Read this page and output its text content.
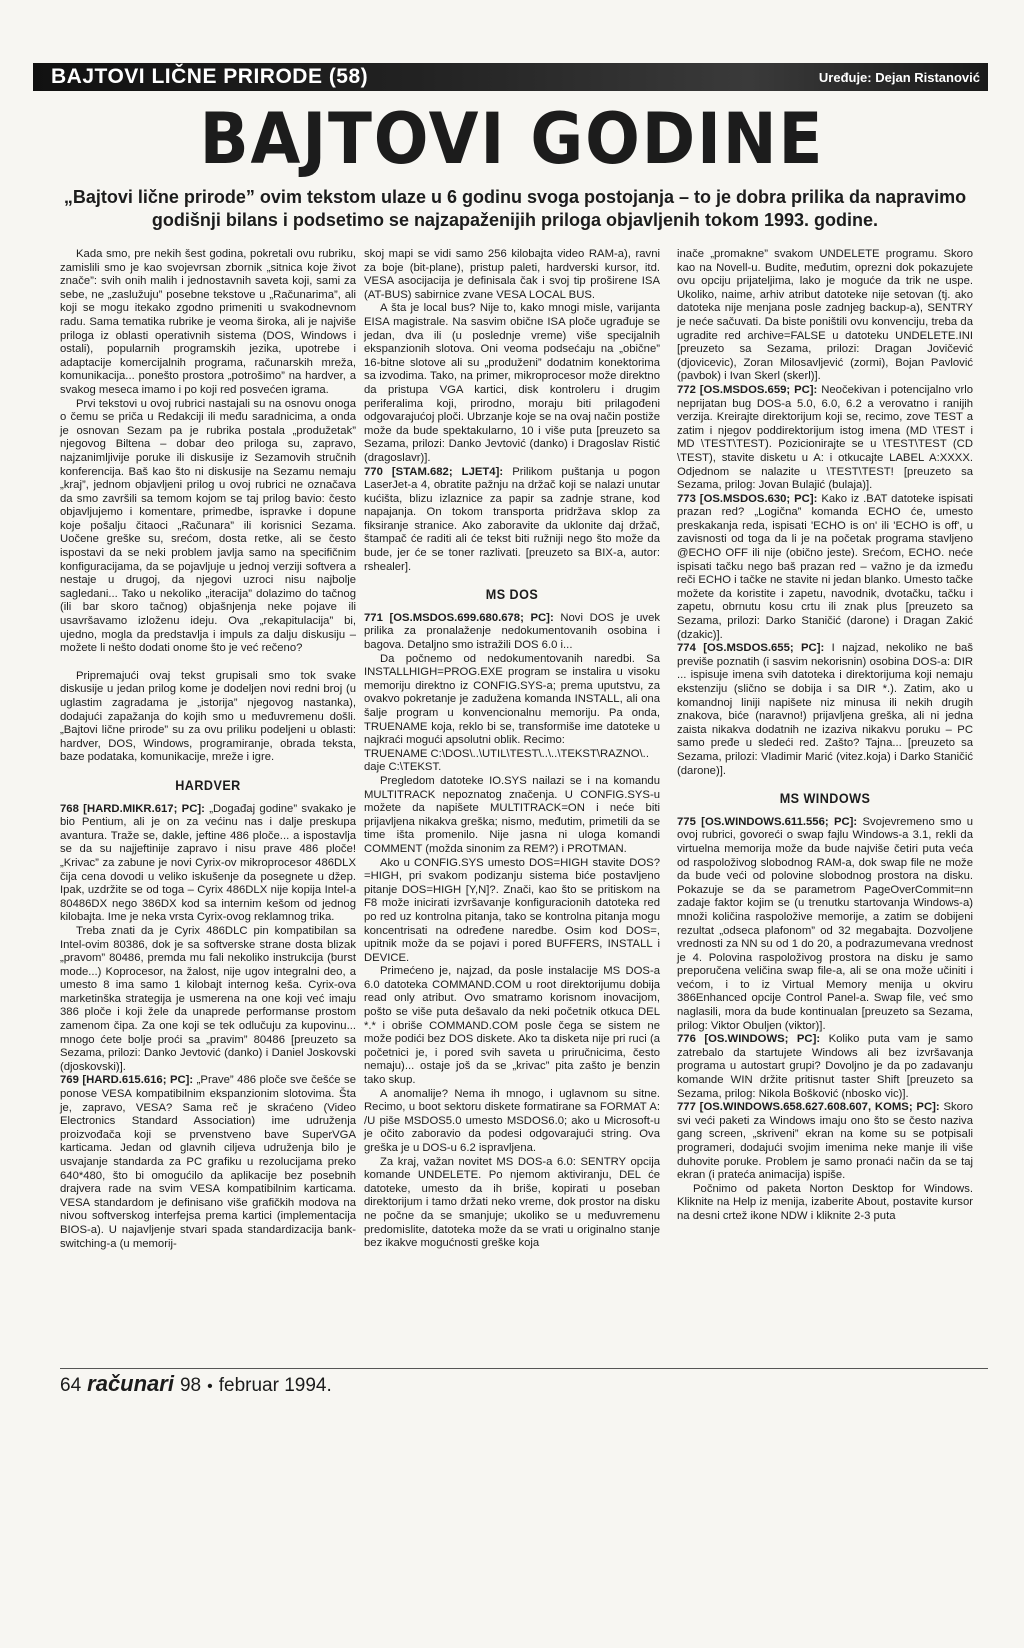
BAJTOVI LIČNE PRIRODE (58)	Uređuje: Dejan Ristanović
BAJTOVI GODINE
„Bajtovi lične prirode” ovim tekstom ulaze u 6 godinu svoga postojanja – to je dobra prilika da napravimo godišnji bilans i podsetimo se najzapaženijih priloga objavljenih tokom 1993. godine.

Kada smo, pre nekih šest godina, pokretali ovu rubriku, zamislili smo je kao svojevrsan zbornik „sitnica koje život znače”: svih onih malih i jednostavnih saveta koji, sami za sebe, ne „zaslužuju” posebne tekstove u „Računarima”, ali koji se mogu itekako zgodno primeniti u svakodnevnom radu. Sama tematika rubrike je veoma široka, ali je najviše priloga iz oblasti operativnih sistema (DOS, Windows i ostali), popularnih programskih jezika, upotrebe i adaptacije komercijalnih programa, računarskih mreža, komunikacija... ponešto prostora „potrošimo” na hardver, a svakog meseca imamo i po koji red posvećen igrama.

Prvi tekstovi u ovoj rubrici nastajali su na osnovu onoga o čemu se priča u Redakciji ili među saradnicima, a onda je osnovan Sezam pa je rubrika postala „produžetak” njegovog Biltena – dobar deo priloga su, zapravo, najzanimljivije poruke ili diskusije iz Sezamovih stručnih konferencija. Baš kao što ni diskusije na Sezamu nemaju „kraj”, jednom objavljeni prilog u ovoj rubrici ne označava da smo završili sa temom kojom se taj prilog bavio: često objavljujemo i komentare, primedbe, ispravke i dopune koje pošalju čitaoci „Računara” ili korisnici Sezama. Uočene greške su, srećom, dosta retke, ali se često ispostavi da se neki problem javlja samo na specifičnim konfiguracijama, da se pojavljuje u jednoj verziji softvera a nestaje u drugoj, da njegovi uzroci nisu najbolje sagledani... Tako u nekoliko „iteracija” dolazimo do tačnog (ili bar skoro tačnog) objašnjenja neke pojave ili usavršavamo izloženu ideju. Ova „rekapitulacija” bi, ujedno, mogla da predstavlja i impuls za dalju diskusiju – možete li nešto dodati onome što je već rečeno?

Pripremajući ovaj tekst grupisali smo tok svake diskusije u jedan prilog kome je dodeljen novi redni broj (u uglastim zagradama je „istorija” njegovog nastanka), dodajući zapažanja do kojih smo u međuvremenu došli. „Bajtovi lične prirode” su za ovu priliku podeljeni u oblasti: hardver, DOS, Windows, programiranje, obrada teksta, baze podataka, komunikacije, mreže i igre.

HARDVER

768 [HARD.MIKR.617; PC]: „Događaj godine” svakako je bio Pentium, ali je on za većinu nas i dalje preskupa avantura. Traže se, dakle, jeftine 486 ploče... a ispostavlja se da su najjeftinije zapravo i nisu prave 486 ploče! „Krivac” za zabune je novi Cyrix-ov mikroprocesor 486DLX čija cena dovodi u veliko iskušenje da posegnete u džep. Ipak, uzdržite se od toga – Cyrix 486DLX nije kopija Intel-a 80486DX nego 386DX kod sa internim kešom od jednog kilobajta. Ime je neka vrsta Cyrix-ovog reklamnog trika.

Treba znati da je Cyrix 486DLC pin kompatibilan sa Intel-ovim 80386, dok je sa softverske strane dosta blizak „pravom” 80486, premda mu fali nekoliko instrukcija (burst mode...) Koprocesor, na žalost, nije ugov integralni deo, a umesto 8 ima samo 1 kilobajt internog keša. Cyrix-ova marketinška strategija je usmerena na one koji već imaju 386 ploče i koji žele da unaprede performanse prostom zamenom čipa. Za one koji se tek odlučuju za kupovinu... mnogo ćete bolje proći sa „pravim” 80486 [preuzeto sa Sezama, prilozi: Danko Jevtović (danko) i Daniel Joskovski (djoskovski)].

769 [HARD.615.616; PC]: „Prave” 486 ploče sve češće se ponose VESA kompatibilnim ekspanzionim slotovima. Šta je, zapravo, VESA? Sama reč je skraćeno (Video Electronics Standard Association) ime udruženja proizvođača koji se prvenstveno bave SuperVGA karticama. Jedan od glavnih ciljeva udruženja bilo je usvajanje standarda za PC grafiku u rezolucijama preko 640*480, što bi omogućilo da aplikacije bez posebnih drajvera rade na svim VESA kompatibilnim karticama. VESA standardom je definisano više grafičkih modova na nivou softverskog interfejsa prema kartici (implementacija BIOS-a). U najavljenje stvari spada standardizacija bank-switching-a (u memorij-

skoj mapi se vidi samo 256 kilobajta video RAM-a), ravni za boje (bit-plane), pristup paleti, hardverski kursor, itd. VESA asocijacija je definisala čak i svoj tip proširene ISA (AT-BUS) sabirnice zvane VESA LOCAL BUS.

A šta je local bus? Nije to, kako mnogi misle, varijanta EISA magistrale. Na sasvim obične ISA ploče ugrađuje se jedan, dva ili (u poslednje vreme) više specijalnih ekspanzionih slotova. Oni veoma podsećaju na „obične” 16-bitne slotove ali su „produženi” dodatnim konektorima sa izvodima. Tako, na primer, mikroprocesor može direktno da pristupa VGA kartici, disk kontroleru i drugim periferalima koji, prirodno, moraju biti prilagođeni odgovarajućoj ploči. Ubrzanje koje se na ovaj način postiže može da bude spektakularno, 10 i više puta [preuzeto sa Sezama, prilozi: Danko Jevtović (danko) i Dragoslav Ristić (dragoslavr)].

770 [STAM.682; LJET4]: Prilikom puštanja u pogon LaserJet-a 4, obratite pažnju na držač koji se nalazi unutar kućišta, blizu izlaznice za papir sa zadnje strane, kod napajanja. On tokom transporta pridržava sklop za fiksiranje stranice. Ako zaboravite da uklonite daj držač, štampač će raditi ali će tekst biti ružniji nego što može da bude, jer će se toner razlivati. [preuzeto sa BIX-a, autor: rshealer].

MS DOS

771 [OS.MSDOS.699.680.678; PC]: Novi DOS je uvek prilika za pronalaženje nedokumentovanih osobina i bagova. Detaljno smo istražili DOS 6.0 i...

Da počnemo od nedokumentovanih naredbi. Sa INSTALLHIGH=PROG.EXE program se instalira u visoku memoriju direktno iz CONFIG.SYS-a; prema uputstvu, za ovakvo pokretanje je zadužena komanda INSTALL, ali ona šalje program u konvencionalnu memoriju. Pa onda, TRUENAME koja, reklo bi se, transformiše ime datoteke u najkraći mogući apsolutni oblik. Recimo:

TRUENAME C:\DOS\..\UTIL\TEST\..\..\TEKST\RAZNO\..

daje C:\TEKST.

Pregledom datoteke IO.SYS nailazi se i na komandu MULTITRACK nepoznatog značenja. U CONFIG.SYS-u možete da napišete MULTITRACK=ON i neće biti prijavljena nikakva greška; nismo, međutim, primetili da se time išta promenilo. Nije jasna ni uloga komandi COMMENT (možda sinonim za REM?) i PROTMAN.

Ako u CONFIG.SYS umesto DOS=HIGH stavite DOS?=HIGH, pri svakom podizanju sistema biće postavljeno pitanje DOS=HIGH [Y,N]?. Znači, kao što se pritiskom na F8 može inicirati izvršavanje konfiguracionih datoteka red po red uz kontrolna pitanja, tako se kontrolna pitanja mogu koncentrisati na određene naredbe. Osim kod DOS=, upitnik može da se pojavi i pored BUFFERS, INSTALL i DEVICE.

Primećeno je, najzad, da posle instalacije MS DOS-a 6.0 datoteka COMMAND.COM u root direktorijumu dobija read only atribut. Ovo smatramo korisnom inovacijom, pošto se više puta dešavalo da neki početnik otkuca DEL *.* i obriše COMMAND.COM posle čega se sistem ne može podići bez DOS diskete. Ako ta disketa nije pri ruci (a početnici je, i pored svih saveta u priručnicima, često nemaju)... ostaje još da se „krivac” pita zašto je benzin tako skup.

A anomalije? Nema ih mnogo, i uglavnom su sitne. Recimo, u boot sektoru diskete formatirane sa FORMAT A: /U piše MSDOS5.0 umesto MSDOS6.0; ako u Microsoft-u je očito zaboravio da podesi odgovarajući string. Ova greška je u DOS-u 6.2 ispravljena.

Za kraj, važan novitet MS DOS-a 6.0: SENTRY opcija komande UNDELETE. Po njemom aktiviranju, DEL će datoteke, umesto da ih briše, kopirati u poseban direktorijum i tamo držati neko vreme, dok prostor na disku ne počne da se smanjuje; ukoliko se u međuvremenu predomislite, datoteka može da se vrati u originalno stanje bez ikakve mogućnosti greške koja

inače „promakne” svakom UNDELETE programu. Skoro kao na Novell-u. Budite, međutim, oprezni dok pokazujete ovu opciju prijateljima, lako je moguće da trik ne uspe. Ukoliko, naime, arhiv atribut datoteke nije setovan (tj. ako datoteka nije menjana posle zadnjeg backup-a), SENTRY je neće sačuvati. Da biste poništili ovu konvenciju, treba da ugradite red archive=FALSE u datoteku UNDELETE.INI [preuzeto sa Sezama, prilozi: Dragan Jovičević (djovicevic), Zoran Milosavljević (zormi), Bojan Pavlović (pavbok) i Ivan Skerl (skerl)].

772 [OS.MSDOS.659; PC]: Neočekivan i potencijalno vrlo neprijatan bug DOS-a 5.0, 6.0, 6.2 a verovatno i ranijih verzija. Kreirajte direktorijum koji se, recimo, zove TEST a zatim i njegov poddirektorijum istog imena (MD \TEST i MD \TEST\TEST). Pozicionirajte se u \TEST\TEST (CD \TEST), stavite disketu u A: i otkucajte LABEL A:XXXX. Odjednom se nalazite u \TEST\TEST! [preuzeto sa Sezama, prilog: Jovan Bulajić (bulaja)].

773 [OS.MSDOS.630; PC]: Kako iz .BAT datoteke ispisati prazan red? „Logična” komanda ECHO će, umesto preskakanja reda, ispisati 'ECHO is on' ili 'ECHO is off', u zavisnosti od toga da li je na početak programa stavljeno @ECHO OFF ili nije (obično jeste). Srećom, ECHO. neće ispisati tačku nego baš prazan red – važno je da između reči ECHO i tačke ne stavite ni jedan blanko. Umesto tačke možete da koristite i zapetu, navodnik, dvotačku, tačku i zapetu, obrnutu kosu crtu ili znak plus [preuzeto sa Sezama, prilozi: Darko Staničić (darone) i Dragan Zakić (dzakic)].

774 [OS.MSDOS.655; PC]: I najzad, nekoliko ne baš previše poznatih (i sasvim nekorisnin) osobina DOS-a: DIR ... ispisuje imena svih datoteka i direktorijuma koji nemaju ekstenziju (slično se dobija i sa DIR *.). Zatim, ako u komandnoj liniji napišete niz minusa ili nekih drugih znakova, biće (naravno!) prijavljena greška, ali ni jedna zaista nikakva dodatnih ne izaziva nikakvu poruku – PC samo pređe u sledeći red. Zašto? Tajna... [preuzeto sa Sezama, prilozi: Vladimir Marić (vitez.koja) i Darko Staničić (darone)].

MS WINDOWS

775 [OS.WINDOWS.611.556; PC]: Svojevremeno smo u ovoj rubrici, govoreći o swap fajlu Windows-a 3.1, rekli da virtuelna memorija može da bude najviše četiri puta veća od raspoloživog slobodnog RAM-a, dok swap file ne može da bude veći od polovine slobodnog prostora na disku. Pokazuje se da se parametrom PageOverCommit=nn zadaje faktor kojim se (u trenutku startovanja Windows-a) množi količina raspoložive memorije, a zatim se dobijeni rezultat „odseca plafonom” od 32 megabajta. Dozvoljene vrednosti za NN su od 1 do 20, a podrazumevana vrednost je 4. Polovina raspoloživog prostora na disku je samo preporučena veličina swap file-a, ali se ona može učiniti i većom, i to iz Virtual Memory menija u okviru 386Enhanced opcije Control Panel-a. Swap file, već smo naglasili, mora da bude kontinualan [preuzeto sa Sezama, prilog: Viktor Obuljen (viktor)].

776 [OS.WINDOWS; PC]: Koliko puta vam je samo zatrebalo da startujete Windows ali bez izvršavanja programa u autostart grupi? Dovoljno je da po zadavanju komande WIN držite pritisnut taster Shift [preuzeto sa Sezama, prilog: Nikola Bošković (nbosko vic)].

777 [OS.WINDOWS.658.627.608.607, KOMS; PC]: Skoro svi veći paketi za Windows imaju ono što se često naziva gang screen, „skriveni” ekran na kome su se potpisali programeri, dodajući svojim imenima neke manje ili više duhovite poruke. Problem je samo pronaći način da se taj ekran (i prateća animacija) ispiše.

Počnimo od paketa Norton Desktop for Windows. Kliknite na Help iz menija, izaberite About, postavite kursor na desni crtež ikone NDW i kliknite 2-3 puta

64 računari 98 • februar 1994.
